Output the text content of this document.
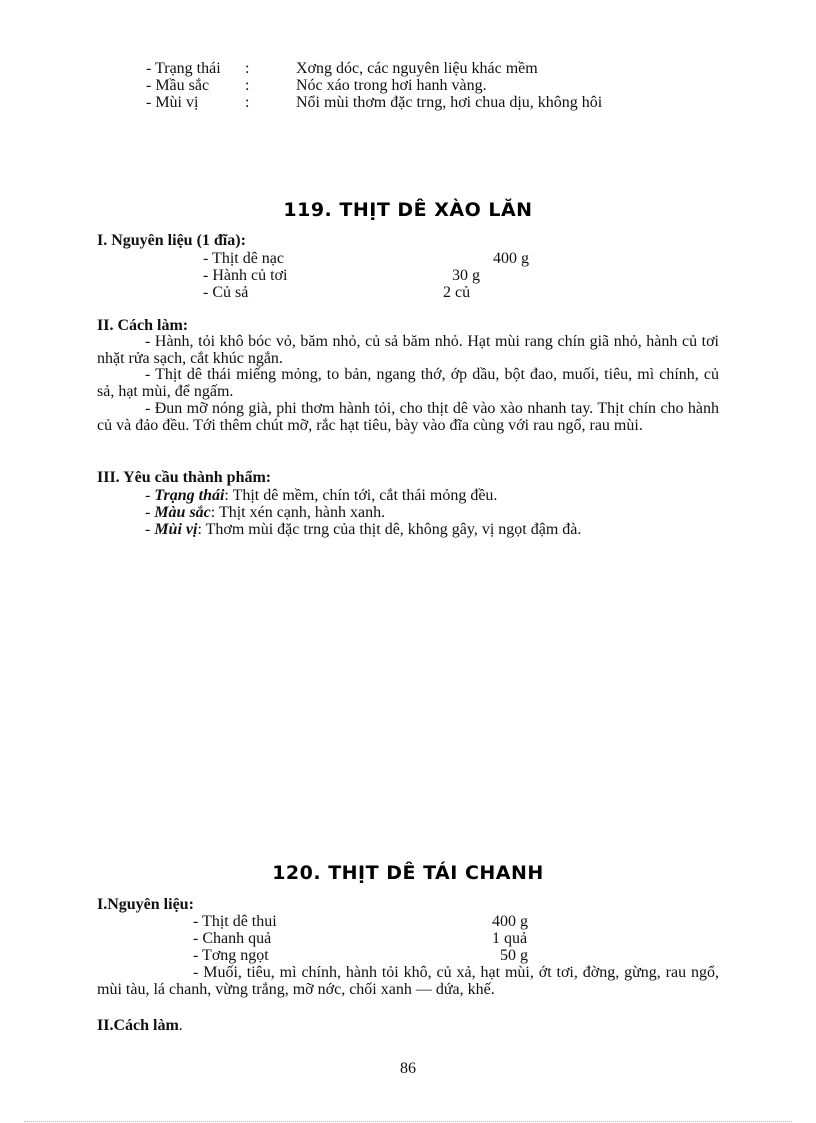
- Trạng thái :	Xơng dóc, các nguyên liệu khác mềm
- Mầu sắc :	Nóc xáo trong hơi hanh vàng.
- Mùi vị	:	Nổi mùi thơm đặc trng, hơi chua dịu, không hôi
119. THỊT DÊ XÀO LĂN
I. Nguyên liệu (1 đĩa):
- Thịt dê nạc	400 g
- Hành củ tơi	30 g
- Củ sả	2 củ
II. Cách làm:
- Hành, tỏi khô bóc vỏ, băm nhỏ, củ sả băm nhỏ. Hạt mùi rang chín giã nhỏ, hành củ tơi nhặt rửa sạch, cắt khúc ngắn.
- Thịt dê thái miếng mỏng, to bản, ngang thớ, ớp dầu, bột đao, muối, tiêu, mì chính, củ sả, hạt mùi, để ngấm.
- Đun mỡ nóng già, phi thơm hành tỏi, cho thịt dê vào xào nhanh tay. Thịt chín cho hành củ và đảo đều. Tới thêm chút mỡ, rắc hạt tiêu, bày vào đĩa cùng với rau ngổ, rau mùi.
III. Yêu cầu thành phẩm:
- Trạng thái: Thịt dê mềm, chín tới, cắt thái mỏng đều.
- Màu sắc: Thịt xén cạnh, hành xanh.
- Mùi vị: Thơm mùi đặc trng của thịt dê, không gây, vị ngọt đậm đà.
120. THỊT DÊ TÁI CHANH
I.Nguyên liệu:
- Thịt dê thui	400 g
- Chanh quả	1 quả
- Tơng ngọt	50 g
- Muối, tiêu, mì chính, hành tỏi khô, củ xả, hạt mùi, ớt tơi, đờng, gừng, rau ngổ, mùi tàu, lá chanh, vừng trắng, mỡ nớc, chối xanh — dứa, khế.
II.Cách làm.
86
